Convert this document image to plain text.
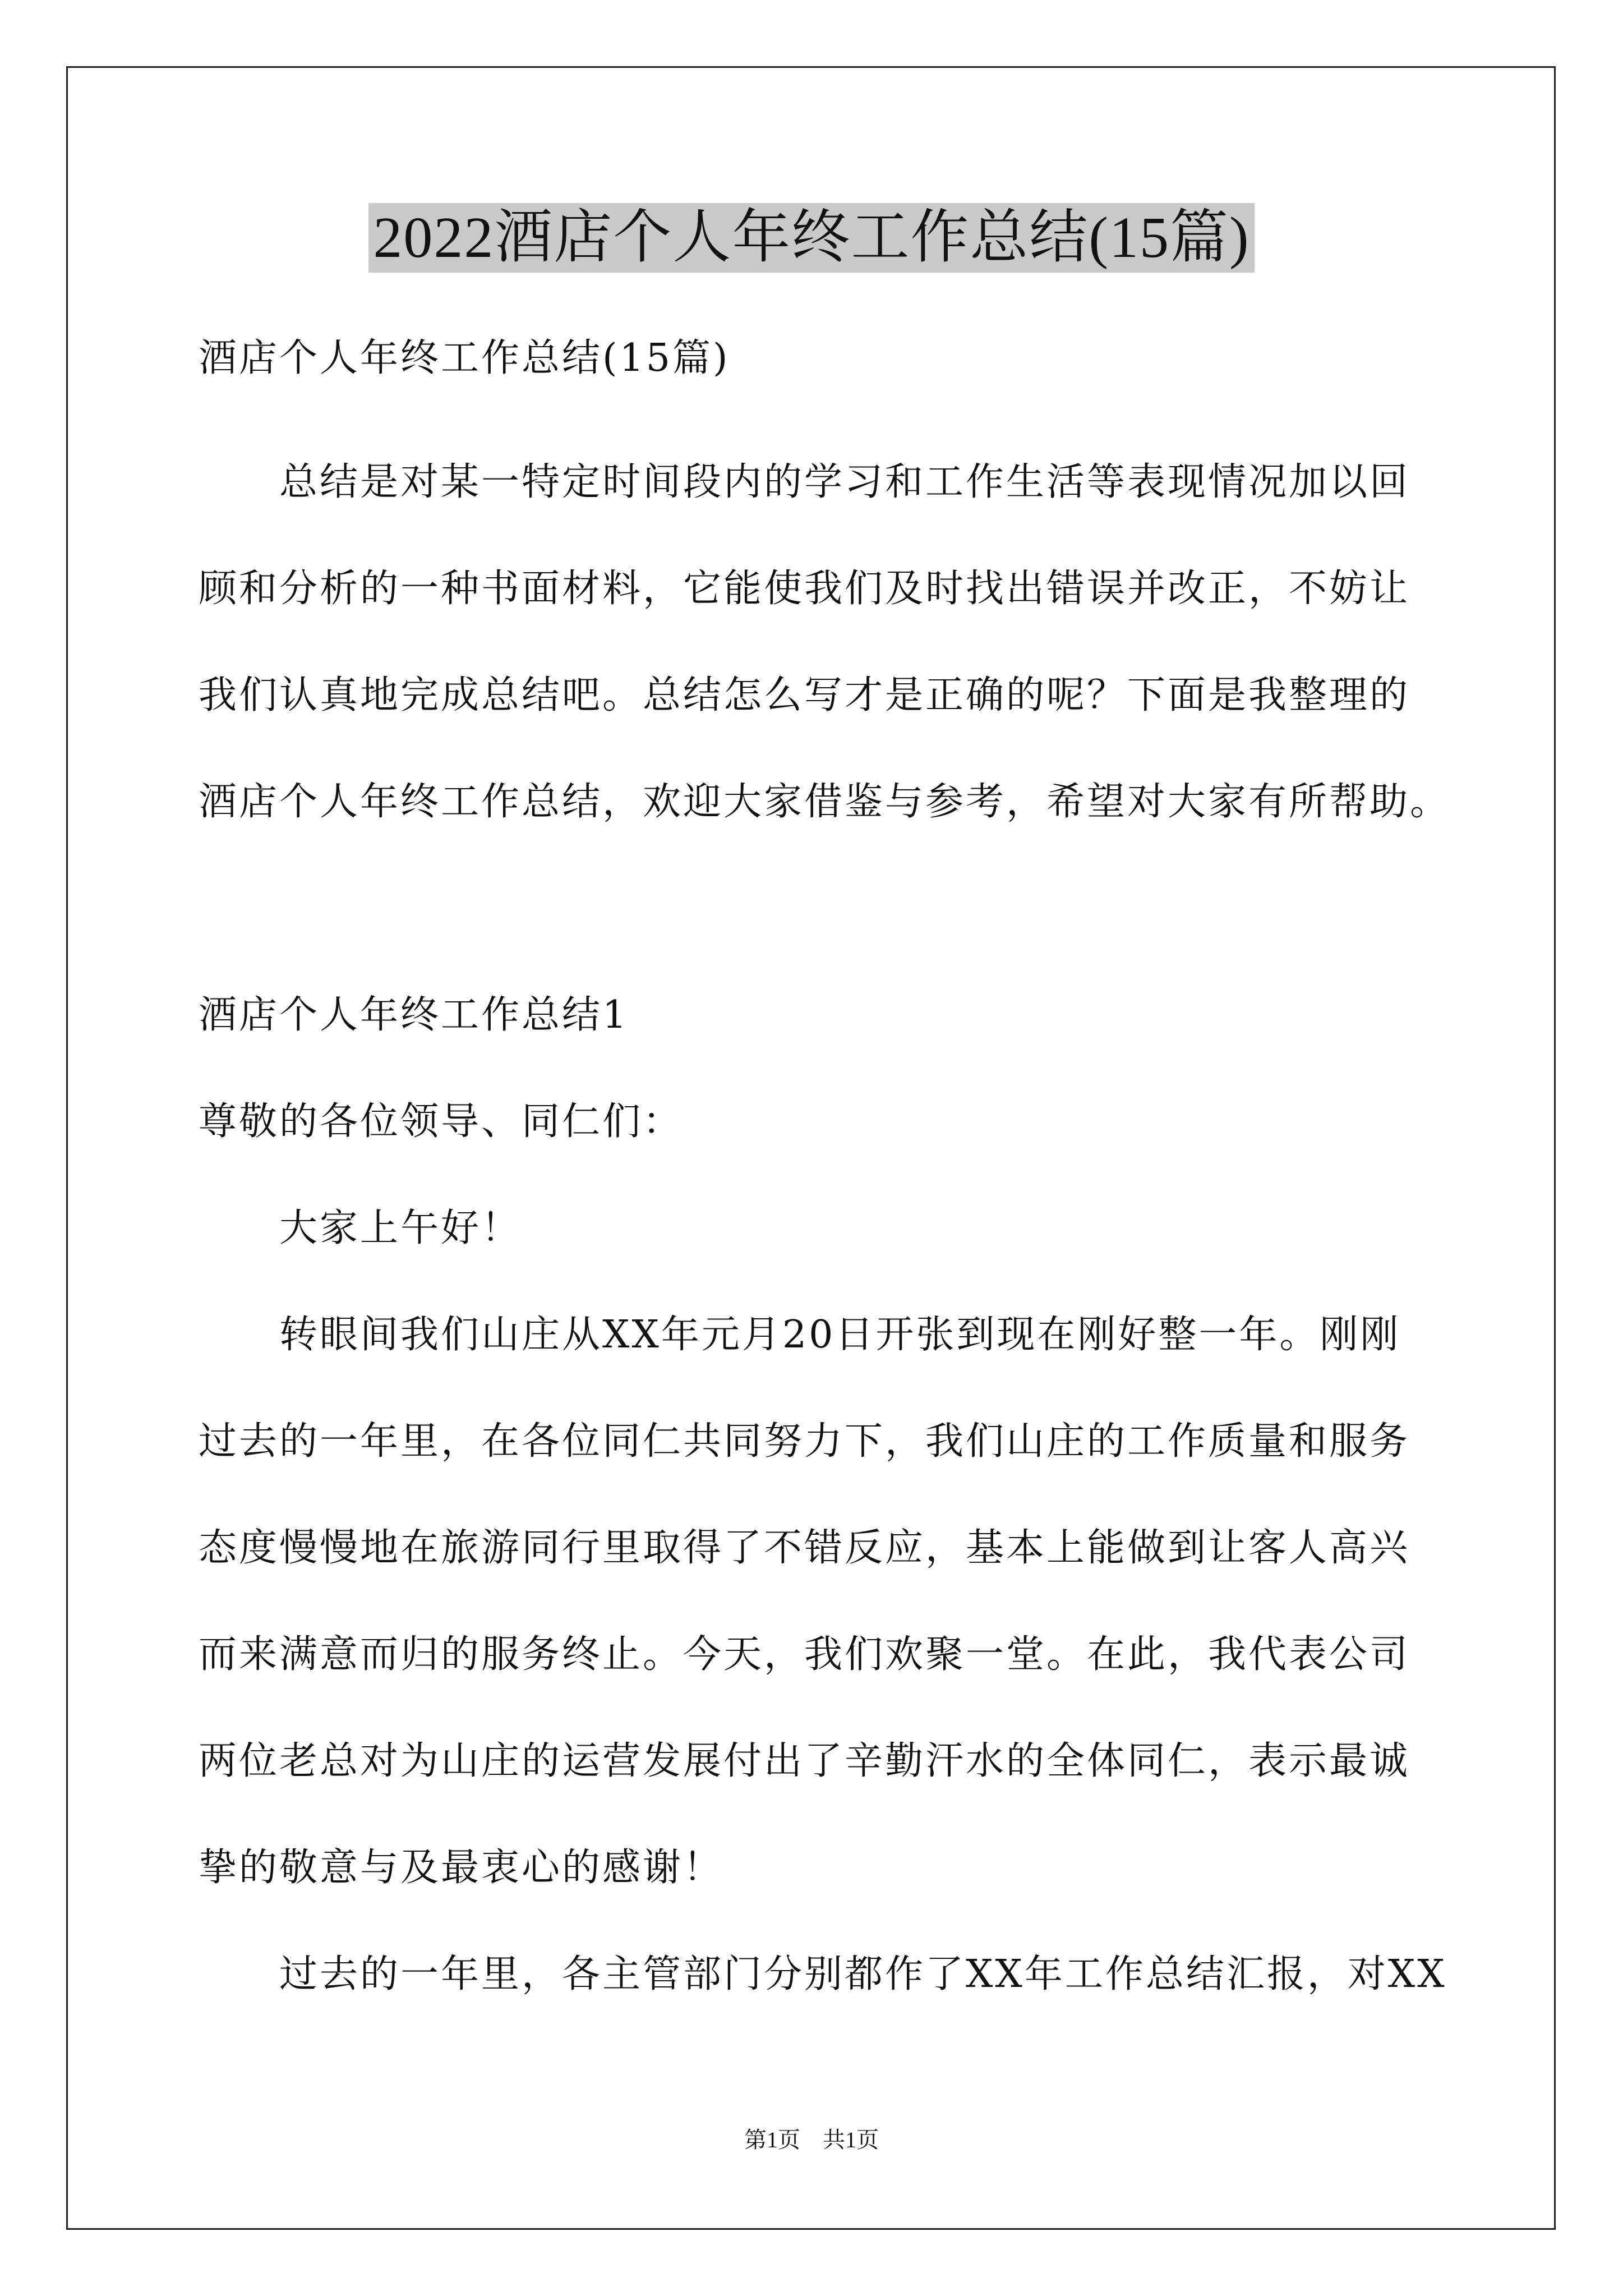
2022酒店个人年终工作总结(15篇)
酒店个人年终工作总结(15篇)
　　总结是对某一特定时间段内的学习和工作生活等表现情况加以回
顾和分析的一种书面材料，它能使我们及时找出错误并改正，不妨让
我们认真地完成总结吧。总结怎么写才是正确的呢？下面是我整理的
酒店个人年终工作总结，欢迎大家借鉴与参考，希望对大家有所帮助。
酒店个人年终工作总结1
尊敬的各位领导、同仁们：
　　大家上午好！
　　转眼间我们山庄从XX年元月20日开张到现在刚好整一年。刚刚
过去的一年里，在各位同仁共同努力下，我们山庄的工作质量和服务
态度慢慢地在旅游同行里取得了不错反应，基本上能做到让客人高兴
而来满意而归的服务终止。今天，我们欢聚一堂。在此，我代表公司
两位老总对为山庄的运营发展付出了辛勤汗水的全体同仁，表示最诚
挚的敬意与及最衷心的感谢！
　　过去的一年里，各主管部门分别都作了XX年工作总结汇报，对XX
第1页　共1页
